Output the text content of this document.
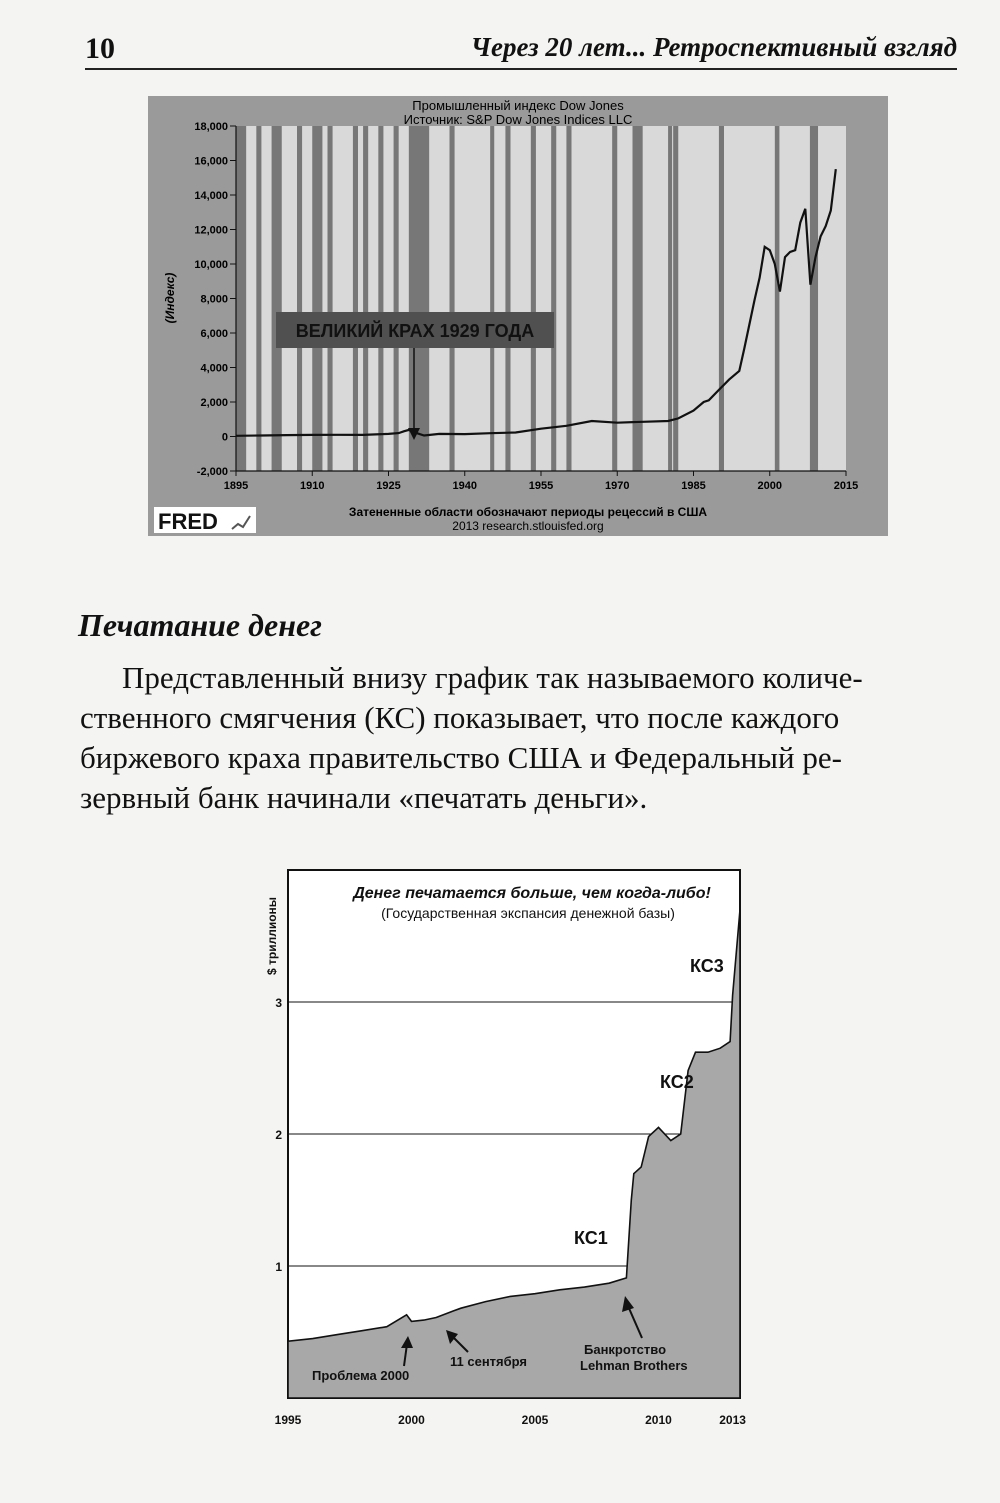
10	Через 20 лет... Ретроспективный взгляд

-2,000
0
2,000
4,000
6,000
8,000
10,000
12,000
14,000
16,000
18,000
1895	1910	1925	1940	1955	1970	1985	2000	2015
Промышленный индекс Dow Jones
Источник: S&P Dow Jones Indices LLC
(Индекс)
ВЕЛИКИЙ КРАХ 1929 ГОДА
Затененные области обозначают периоды рецессий в США
2013 research.stlouisfed.org
FRED
Печатание денег
Представленный внизу график так называемого количе-
ственного смягчения (КС) показывает, что после каждого
биржевого краха правительство США и Федеральный ре-
зервный банк начинали «печатать деньги».
1
2
3
1995	2000	2005	2010	2013
Денег печатается больше, чем когда-либо!
(Государственная экспансия денежной базы)
$ триллионы	КС3
КС2
КС1
Проблема 2000
11 сентября
Банкротство
Lehman Brothers
